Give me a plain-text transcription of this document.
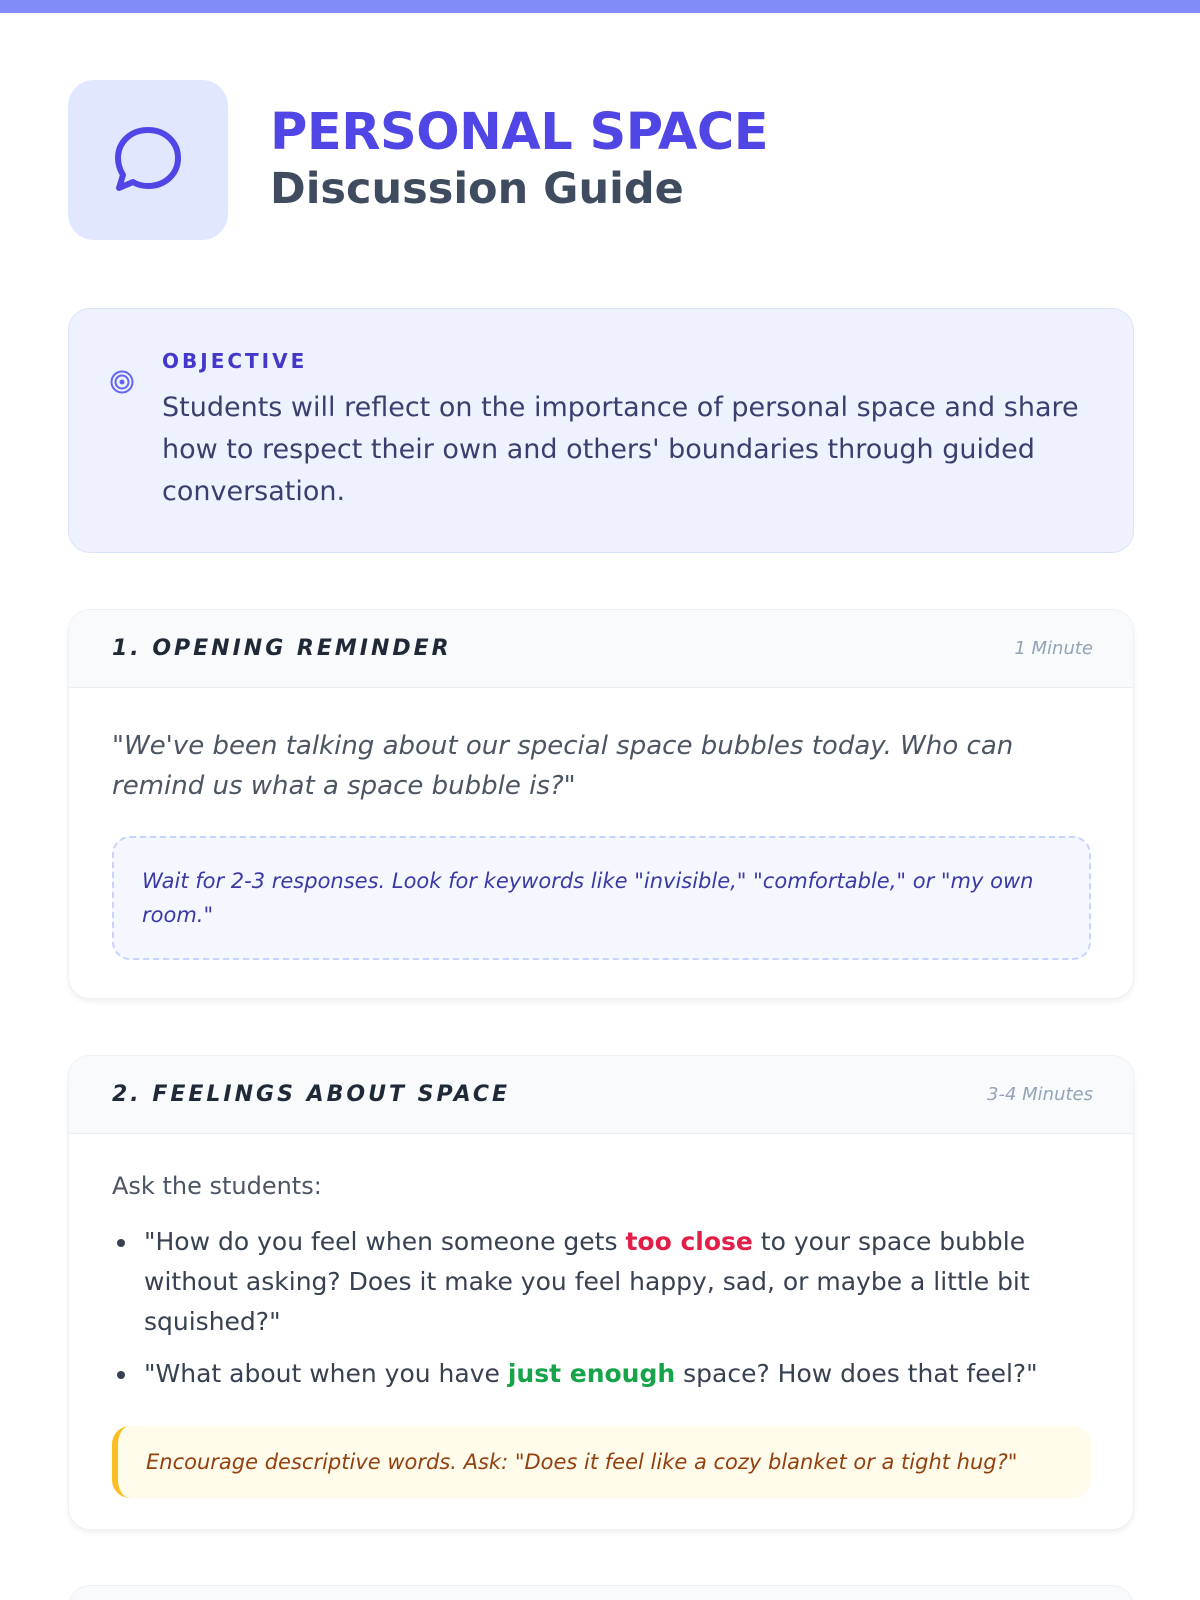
PERSONAL SPACE
Discussion Guide
OBJECTIVE
Students will reflect on the importance of personal space and share how to respect their own and others' boundaries through guided conversation.
1. OPENING REMINDER	1 Minute
"We've been talking about our special space bubbles today. Who can remind us what a space bubble is?"
Wait for 2-3 responses. Look for keywords like "invisible," "comfortable," or "my own room."
2. FEELINGS ABOUT SPACE	3-4 Minutes
Ask the students:
"How do you feel when someone gets too close to your space bubble without asking? Does it make you feel happy, sad, or maybe a little bit squished?"
"What about when you have just enough space? How does that feel?"
Encourage descriptive words. Ask: "Does it feel like a cozy blanket or a tight hug?"
